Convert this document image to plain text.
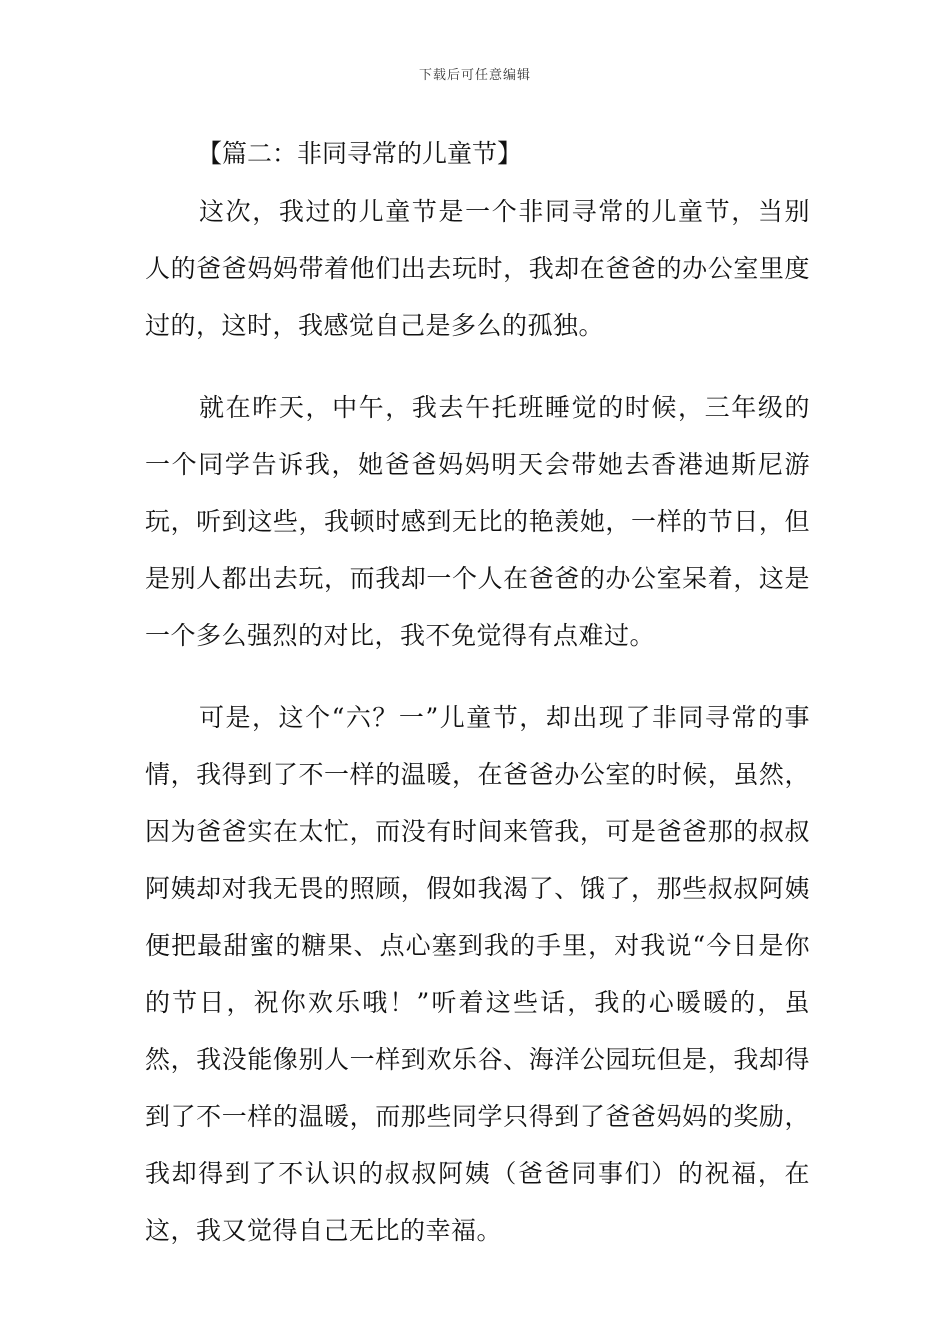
下载后可任意编辑
【篇二：非同寻常的儿童节】

这次，我过的儿童节是一个非同寻常的儿童节，当别人的爸爸妈妈带着他们出去玩时，我却在爸爸的办公室里度过的，这时，我感觉自己是多么的孤独。

就在昨天，中午，我去午托班睡觉的时候，三年级的一个同学告诉我，她爸爸妈妈明天会带她去香港迪斯尼游玩，听到这些，我顿时感到无比的艳羡她，一样的节日，但是别人都出去玩，而我却一个人在爸爸的办公室呆着，这是一个多么强烈的对比，我不免觉得有点难过。

可是，这个“六？一”儿童节，却出现了非同寻常的事情，我得到了不一样的温暖，在爸爸办公室的时候，虽然，因为爸爸实在太忙，而没有时间来管我，可是爸爸那的叔叔阿姨却对我无畏的照顾，假如我渴了、饿了，那些叔叔阿姨便把最甜蜜的糖果、点心塞到我的手里，对我说“今日是你的节日，祝你欢乐哦！”听着这些话，我的心暖暖的，虽然，我没能像别人一样到欢乐谷、海洋公园玩但是，我却得到了不一样的温暖，而那些同学只得到了爸爸妈妈的奖励，我却得到了不认识的叔叔阿姨（爸爸同事们）的祝福，在这，我又觉得自己无比的幸福。
